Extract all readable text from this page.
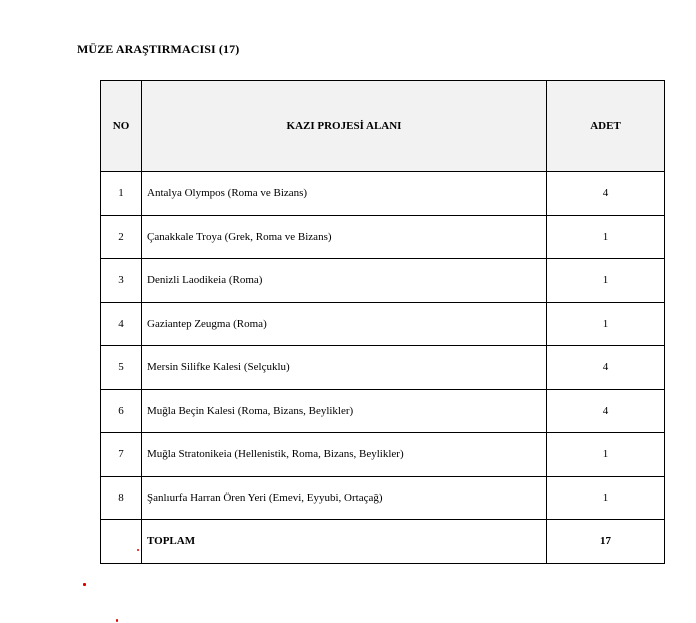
MÜZE ARAŞTIRMACISI (17)
NO	KAZI PROJESİ ALANI	ADET
1	Antalya Olympos (Roma ve Bizans)	4
2	Çanakkale Troya (Grek, Roma ve Bizans)	1
3	Denizli Laodikeia (Roma)	1
4	Gaziantep Zeugma (Roma)	1
5	Mersin Silifke Kalesi (Selçuklu)	4
6	Muğla Beçin Kalesi (Roma, Bizans, Beylikler)	4
7	Muğla Stratonikeia (Hellenistik, Roma, Bizans, Beylikler)	1
8	Şanlıurfa Harran Ören Yeri (Emevi, Eyyubi, Ortaçağ)	1

	TOPLAM	17
